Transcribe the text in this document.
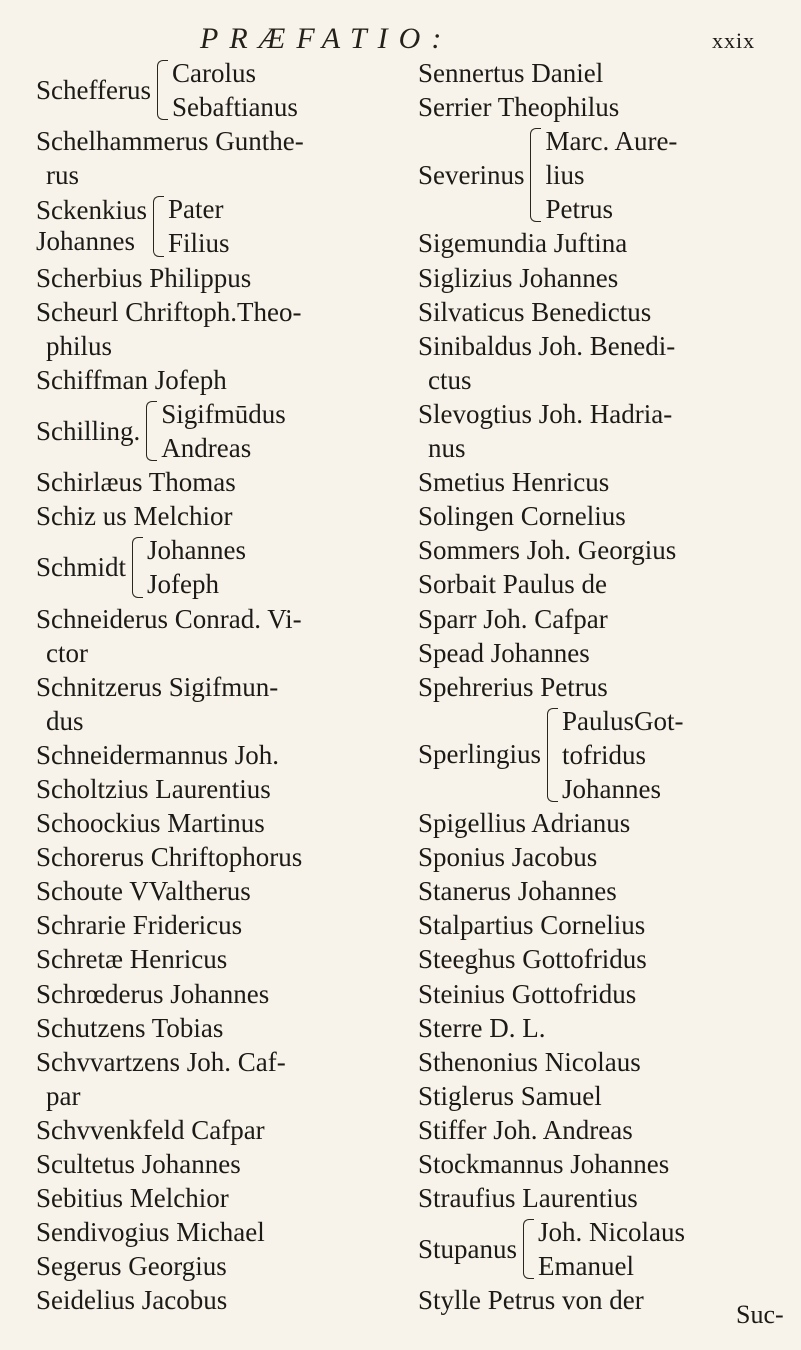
PRÆFATIO:	xxix
Schefferus
Carolus
Sebaftianus
Schelhammerus Gunthe-
rus
Sckenkius
Johannes
Pater
Filius
Scherbius Philippus
Scheurl Chriftoph.Theo-
philus
Schiffman Jofeph
Schilling.
Sigifmūdus
Andreas
Schirlæus Thomas
Schiz us Melchior
Schmidt
Johannes
Jofeph
Schneiderus Conrad. Vi-
ctor
Schnitzerus Sigifmun-
dus
Schneidermannus Joh.
Scholtzius Laurentius
Schoockius Martinus
Schorerus Chriftophorus
Schoute VValtherus
Schrarie Fridericus
Schretæ Henricus
Schrœderus Johannes
Schutzens Tobias
Schvvartzens Joh. Caf-
par
Schvvenkfeld Cafpar
Scultetus Johannes
Sebitius Melchior
Sendivogius Michael
Segerus Georgius
Seidelius Jacobus
Sennertus Daniel
Serrier Theophilus
Severinus
Marc. Aure-
lius
Petrus
Sigemundia Juftina
Siglizius Johannes
Silvaticus Benedictus
Sinibaldus Joh. Benedi-
ctus
Slevogtius Joh. Hadria-
nus
Smetius Henricus
Solingen Cornelius
Sommers Joh. Georgius
Sorbait Paulus de
Sparr Joh. Cafpar
Spead Johannes
Spehrerius Petrus
Sperlingius
PaulusGot-
tofridus
Johannes
Spigellius Adrianus
Sponius Jacobus
Stanerus Johannes
Stalpartius Cornelius
Steeghus Gottofridus
Steinius Gottofridus
Sterre D. L.
Sthenonius Nicolaus
Stiglerus Samuel
Stiffer Joh. Andreas
Stockmannus Johannes
Straufius Laurentius
Stupanus
Joh. Nicolaus
Emanuel
Stylle Petrus von der	Suc-
